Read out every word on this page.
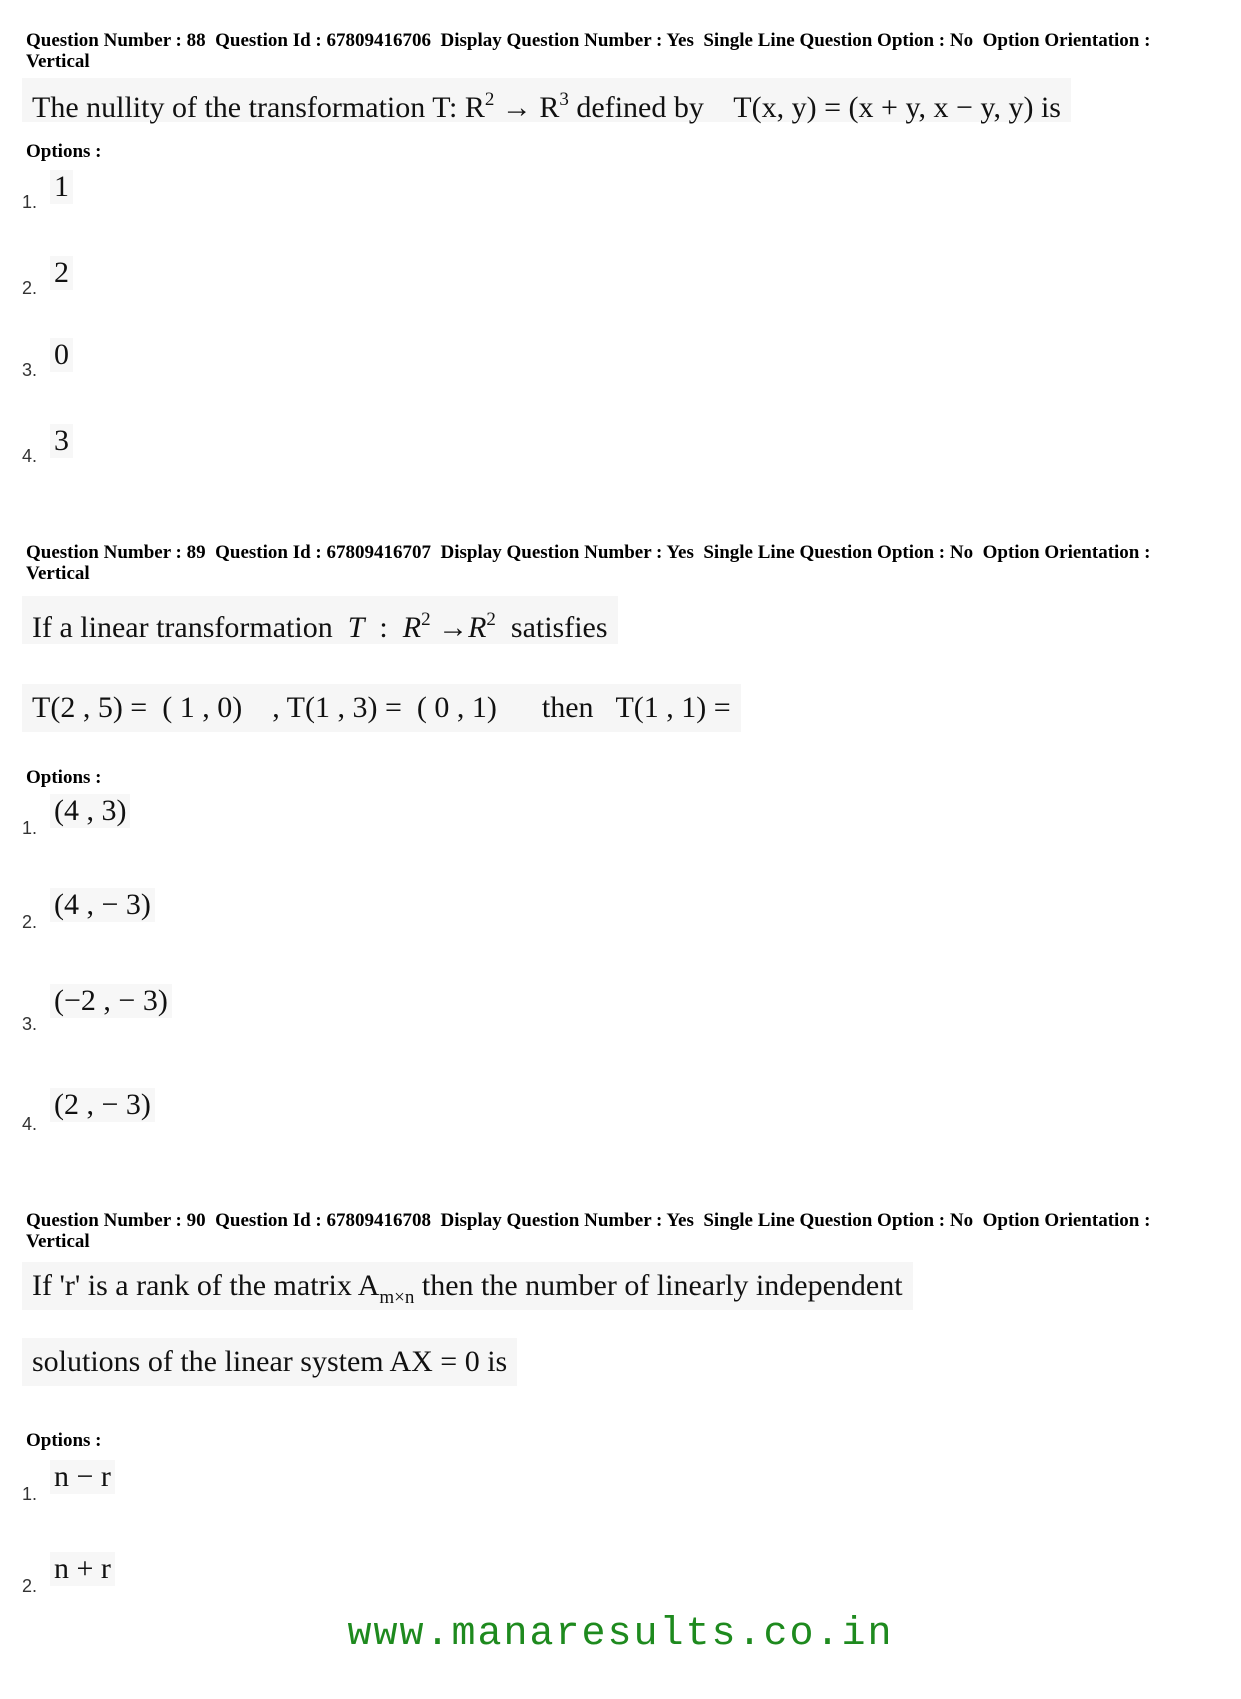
Question Number : 88  Question Id : 67809416706  Display Question Number : Yes  Single Line Question Option : No  Option Orientation : Vertical
The nullity of the transformation T: $R^2 \to R^3$ defined by    T(x, y) = (x + y, x − y, y) is
Options :
1. 1
2. 2
3. 0
4. 3
Question Number : 89  Question Id : 67809416707  Display Question Number : Yes  Single Line Question Option : No  Option Orientation : Vertical
If a linear transformation  T  :  $R^2 \to R^2$  satisfies
T(2 , 5) =  ( 1 , 0)    , T(1 , 3) =  ( 0 , 1)      then   T(1 , 1) =
Options :
1.
(4 , 3)
2.
(4 , − 3)
3.
(−2 , − 3)
4.
(2 , − 3)
Question Number : 90  Question Id : 67809416708  Display Question Number : Yes  Single Line Question Option : No  Option Orientation : Vertical
If 'r' is a rank of the matrix $A_{m\times n}$ then the number of linearly independent
solutions of the linear system AX = 0 is
Options :
1.
n − r
2.
n + r
www.manaresults.co.in
